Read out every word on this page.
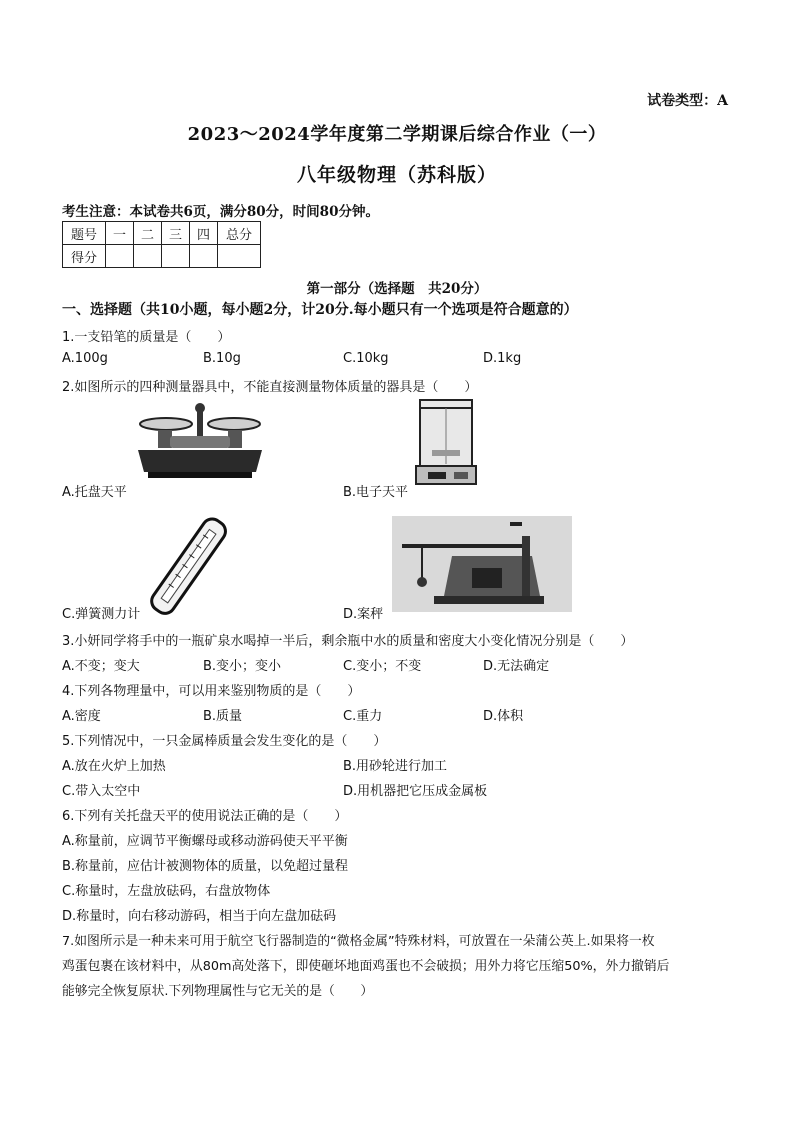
试卷类型：A
2023～2024学年度第二学期课后综合作业（一）
八年级物理（苏科版）
考生注意：本试卷共6页，满分80分，时间80分钟。
题号	一	二	三	四	总分
得分					
第一部分（选择题　共20分）
一、选择题（共10小题，每小题2分，计20分.每小题只有一个选项是符合题意的）
1.一支铅笔的质量是（　　）
A.100g	B.10g	C.10kg	D.1kg
2.如图所示的四种测量器具中，不能直接测量物体质量的器具是（　　）
A.托盘天平	B.电子天平
C.弹簧测力计	D.案秤
3.小妍同学将手中的一瓶矿泉水喝掉一半后，剩余瓶中水的质量和密度大小变化情况分别是（　　）
A.不变；变大	B.变小；变小	C.变小；不变	D.无法确定
4.下列各物理量中，可以用来鉴别物质的是（　　）
A.密度	B.质量	C.重力	D.体积
5.下列情况中，一只金属棒质量会发生变化的是（　　）
A.放在火炉上加热	B.用砂轮进行加工
C.带入太空中	D.用机器把它压成金属板
6.下列有关托盘天平的使用说法正确的是（　　）
A.称量前，应调节平衡螺母或移动游码使天平平衡
B.称量前，应估计被测物体的质量，以免超过量程
C.称量时，左盘放砝码，右盘放物体
D.称量时，向右移动游码，相当于向左盘加砝码
7.如图所示是一种未来可用于航空飞行器制造的“微格金属”特殊材料，可放置在一朵蒲公英上.如果将一枚
鸡蛋包裹在该材料中，从80m高处落下，即使砸坏地面鸡蛋也不会破损；用外力将它压缩50%，外力撤销后
能够完全恢复原状.下列物理属性与它无关的是（　　）
